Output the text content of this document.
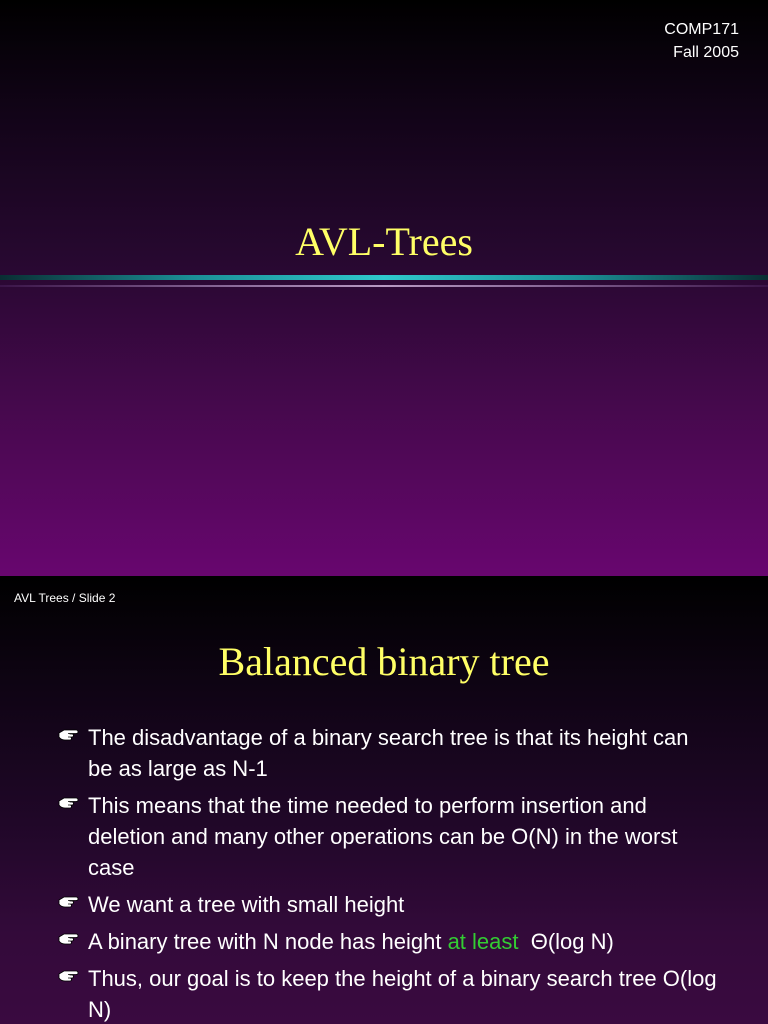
COMP171
Fall 2005
AVL-Trees
AVL Trees / Slide 2
Balanced binary tree
The disadvantage of a binary search tree is that its height can be as large as N-1
This means that the time needed to perform insertion and deletion and many other operations can be O(N) in the worst case
We want a tree with small height
A binary tree with N node has height at least  Θ(log N)
Thus, our goal is to keep the height of a binary search tree O(log N)
